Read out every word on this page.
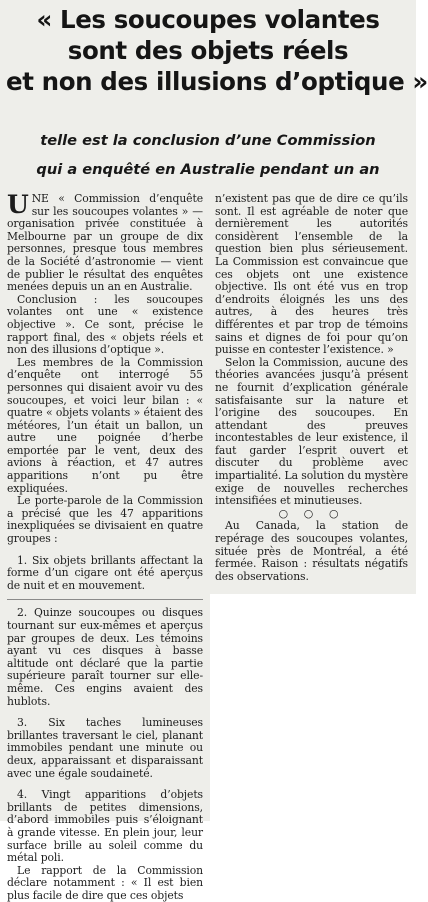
« Les soucoupes volantes
sont des objets réels
et non des illusions d’optique »
telle est la conclusion d’une Commission
qui a enquêté en Australie pendant un an

UNE « Commission d’enquête sur les soucoupes volantes » — organisation privée constituée à Melbourne par un groupe de dix personnes, presque tous membres de la Société d’astronomie — vient de publier le résultat des enquêtes menées depuis un an en Australie.

Conclusion : les soucoupes volantes ont une « existence objective ». Ce sont, précise le rapport final, des « objets réels et non des illusions d’optique ».

Les membres de la Commission d’enquête ont interrogé 55 personnes qui disaient avoir vu des soucoupes, et voici leur bilan : « quatre « objets volants » étaient des météores, l’un était un ballon, un autre une poignée d’herbe emportée par le vent, deux des avions à réaction, et 47 autres apparitions n’ont pu être expliquées.

Le porte-parole de la Commission a précisé que les 47 apparitions inexpliquées se divisaient en quatre groupes :

1. Six objets brillants affectant la forme d’un cigare ont été aperçus de nuit et en mouvement.

2. Quinze soucoupes ou disques tournant sur eux-mêmes et aperçus par groupes de deux. Les témoins ayant vu ces disques à basse altitude ont déclaré que la partie supérieure paraît tourner sur elle-même. Ces engins avaient des hublots.

3. Six taches lumineuses brillantes traversant le ciel, planant immobiles pendant une minute ou deux, apparaissant et disparaissant avec une égale soudaineté.

4. Vingt apparitions d’objets brillants de petites dimensions, d’abord immobiles puis s’éloignant à grande vitesse. En plein jour, leur surface brille au soleil comme du métal poli.

Le rapport de la Commission déclare notamment : « Il est bien plus facile de dire que ces objets

n’existent pas que de dire ce qu’ils sont. Il est agréable de noter que dernièrement les autorités considèrent l’ensemble de la question bien plus sérieusement. La Commission est convaincue que ces objets ont une existence objective. Ils ont été vus en trop d’endroits éloignés les uns des autres, à des heures très différentes et par trop de témoins sains et dignes de foi pour qu’on puisse en contester l’existence. »

Selon la Commission, aucune des théories avancées jusqu’à présent ne fournit d’explication générale satisfaisante sur la nature et l’origine des soucoupes. En attendant des preuves incontestables de leur existence, il faut garder l’esprit ouvert et discuter du problème avec impartialité. La solution du mystère exige de nouvelles recherches intensifiées et minutieuses.

○ ○ ○

Au Canada, la station de repérage des soucoupes volantes, située près de Montréal, a été fermée. Raison : résultats négatifs des observations.
